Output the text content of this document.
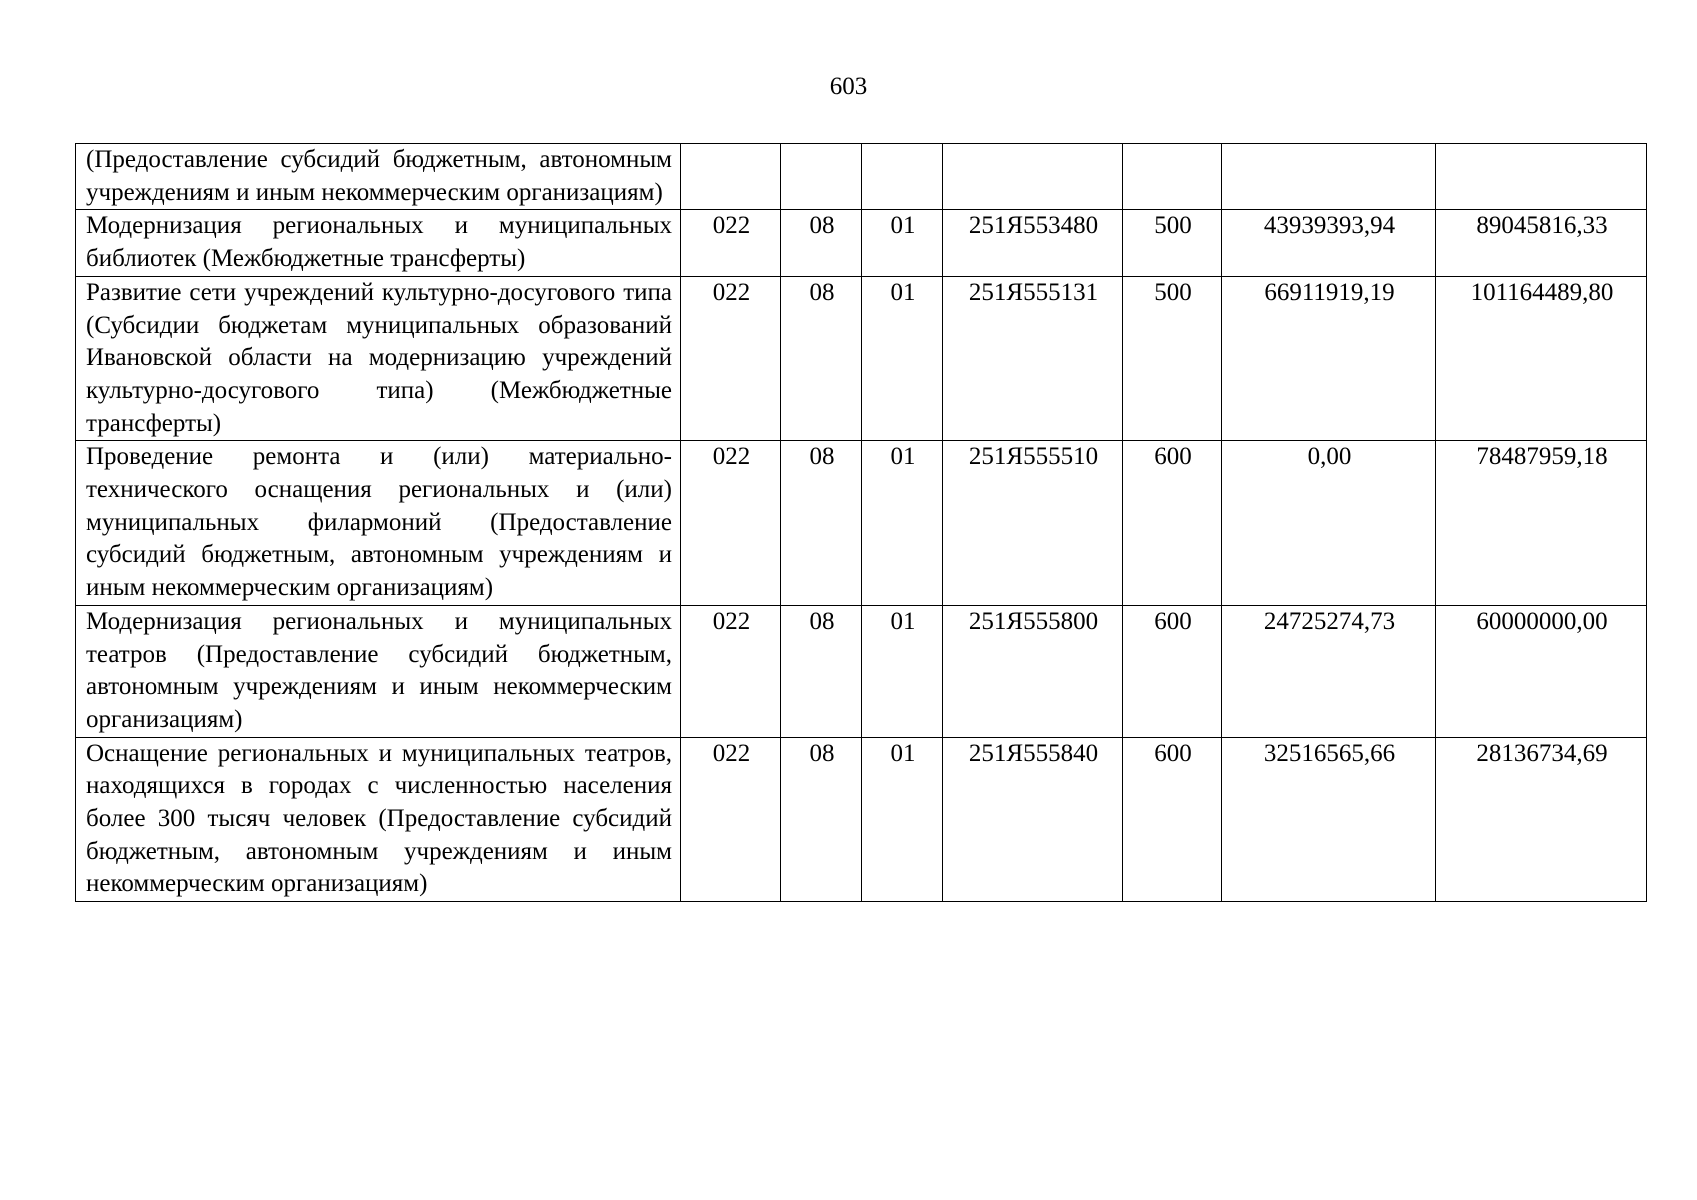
603
(Предоставление субсидий бюджетным, автономным учреждениям и иным некоммерческим организациям)							
Модернизация региональных и муниципальных библиотек (Межбюджетные трансферты)	022	08	01	251Я553480	500	43939393,94	89045816,33
Развитие сети учреждений культурно-досугового типа (Субсидии бюджетам муниципальных образований Ивановской области на модернизацию учреждений культурно-досугового типа) (Межбюджетные трансферты)	022	08	01	251Я555131	500	66911919,19	101164489,80
Проведение ремонта и (или) материально-технического оснащения региональных и (или) муниципальных филармоний (Предоставление субсидий бюджетным, автономным учреждениям и иным некоммерческим организациям)	022	08	01	251Я555510	600	0,00	78487959,18
Модернизация региональных и муниципальных театров (Предоставление субсидий бюджетным, автономным учреждениям и иным некоммерческим организациям)	022	08	01	251Я555800	600	24725274,73	60000000,00
Оснащение региональных и муниципальных театров, находящихся в городах с численностью населения более 300 тысяч человек (Предоставление субсидий бюджетным, автономным учреждениям и иным некоммерческим организациям)	022	08	01	251Я555840	600	32516565,66	28136734,69
